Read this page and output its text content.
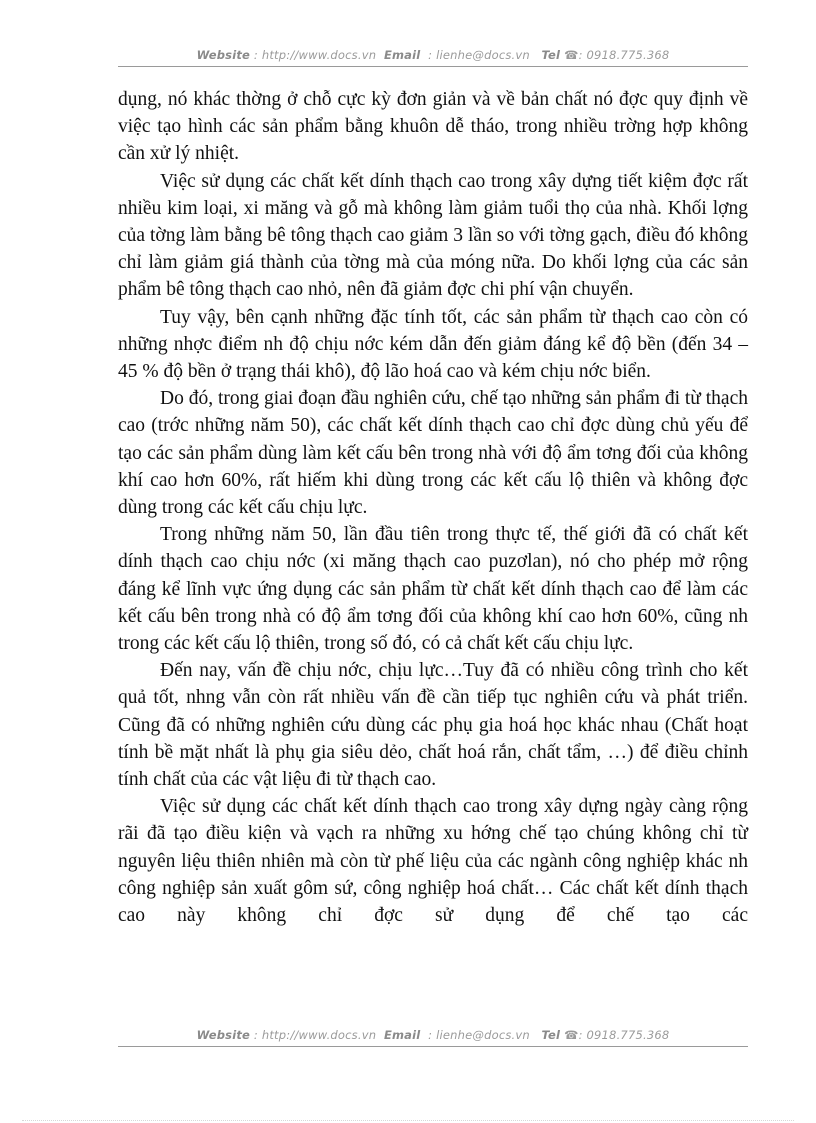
Website : http://www.docs.vn Email : lienhe@docs.vn Tel ☎: 0918.775.368

dụng, nó khác thờng ở chỗ cực kỳ đơn giản và về bản chất nó đợc quy định về việc tạo hình các sản phẩm bằng khuôn dễ tháo, trong nhiều trờng hợp không cần xử lý nhiệt.

Việc sử dụng các chất kết dính thạch cao trong xây dựng tiết kiệm đợc rất nhiều kim loại, xi măng và gỗ mà không làm giảm tuổi thọ của nhà. Khối lợng của tờng làm bằng bê tông thạch cao giảm 3 lần so với tờng gạch, điều đó không chỉ làm giảm giá thành của tờng mà của móng nữa. Do khối lợng của các sản phẩm bê tông thạch cao nhỏ, nên đã giảm đợc chi phí vận chuyển.

Tuy vậy, bên cạnh những đặc tính tốt, các sản phẩm từ thạch cao còn có những nhợc điểm nh độ chịu nớc kém dẫn đến giảm đáng kể độ bền (đến 34 – 45 % độ bền ở trạng thái khô), độ lão hoá cao và kém chịu nớc biển.

Do đó, trong giai đoạn đầu nghiên cứu, chế tạo những sản phẩm đi từ thạch cao (trớc những năm 50), các chất kết dính thạch cao chỉ đợc dùng chủ yếu để tạo các sản phẩm dùng làm kết cấu bên trong nhà với độ ẩm tơng đối của không khí cao hơn 60%, rất hiếm khi dùng trong các kết cấu lộ thiên và không đợc dùng trong các kết cấu chịu lực.

Trong những năm 50, lần đầu tiên trong thực tế, thế giới đã có chất kết dính thạch cao chịu nớc (xi măng thạch cao puzơlan), nó cho phép mở rộng đáng kể lĩnh vực ứng dụng các sản phẩm từ chất kết dính thạch cao để làm các kết cấu bên trong nhà có độ ẩm tơng đối của không khí cao hơn 60%, cũng nh trong các kết cấu lộ thiên, trong số đó, có cả chất kết cấu chịu lực.

Đến nay, vấn đề chịu nớc, chịu lực…Tuy đã có nhiều công trình cho kết quả tốt, nhng vẫn còn rất nhiều vấn đề cần tiếp tục nghiên cứu và phát triển. Cũng đã có những nghiên cứu dùng các phụ gia hoá học khác nhau (Chất hoạt tính bề mặt nhất là phụ gia siêu dẻo, chất hoá rắn, chất tẩm, …) để điều chỉnh tính chất của các vật liệu đi từ thạch cao.

Việc sử dụng các chất kết dính thạch cao trong xây dựng ngày càng rộng rãi đã tạo điều kiện và vạch ra những xu hớng chế tạo chúng không chỉ từ nguyên liệu thiên nhiên mà còn từ phế liệu của các ngành công nghiệp khác nh công nghiệp sản xuất gôm sứ, công nghiệp hoá chất… Các chất kết dính thạch cao này không chỉ đợc sử dụng để chế tạo các

Website : http://www.docs.vn Email : lienhe@docs.vn Tel ☎: 0918.775.368
